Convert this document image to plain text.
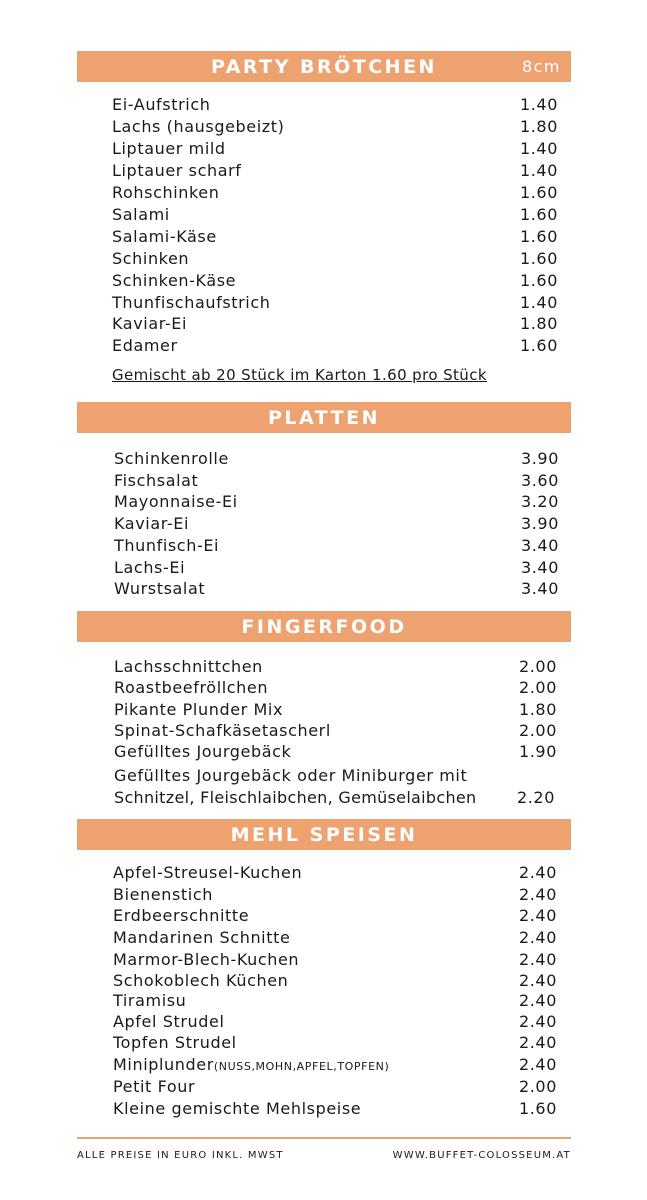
PARTY BRÖTCHEN	8cm
Ei-Aufstrich	1.40
Lachs (hausgebeizt)	1.80
Liptauer mild	1.40
Liptauer scharf	1.40
Rohschinken	1.60
Salami	1.60
Salami-Käse	1.60
Schinken	1.60
Schinken-Käse	1.60
Thunfischaufstrich	1.40
Kaviar-Ei	1.80
Edamer	1.60
Gemischt ab 20 Stück im Karton 1.60 pro Stück
PLATTEN
Schinkenrolle	3.90
Fischsalat	3.60
Mayonnaise-Ei	3.20
Kaviar-Ei	3.90
Thunfisch-Ei	3.40
Lachs-Ei	3.40
Wurstsalat	3.40
FINGERFOOD
Lachsschnittchen	2.00
Roastbeefröllchen	2.00
Pikante Plunder Mix	1.80
Spinat-Schafkäsetascherl	2.00
Gefülltes Jourgebäck	1.90
Gefülltes Jourgebäck oder Miniburger mit
Schnitzel, Fleischlaibchen, Gemüselaibchen	2.20
MEHL SPEISEN
Apfel-Streusel-Kuchen	2.40
Bienenstich	2.40
Erdbeerschnitte	2.40
Mandarinen Schnitte	2.40
Marmor-Blech-Kuchen	2.40
Schokoblech Küchen	2.40
Tiramisu	2.40
Apfel Strudel	2.40
Topfen Strudel	2.40
Miniplunder(NUSS,MOHN,APFEL,TOPFEN)	2.40
Petit Four	2.00
Kleine gemischte Mehlspeise	1.60
ALLE PREISE IN EURO INKL. MWST	WWW.BUFFET-COLOSSEUM.AT
